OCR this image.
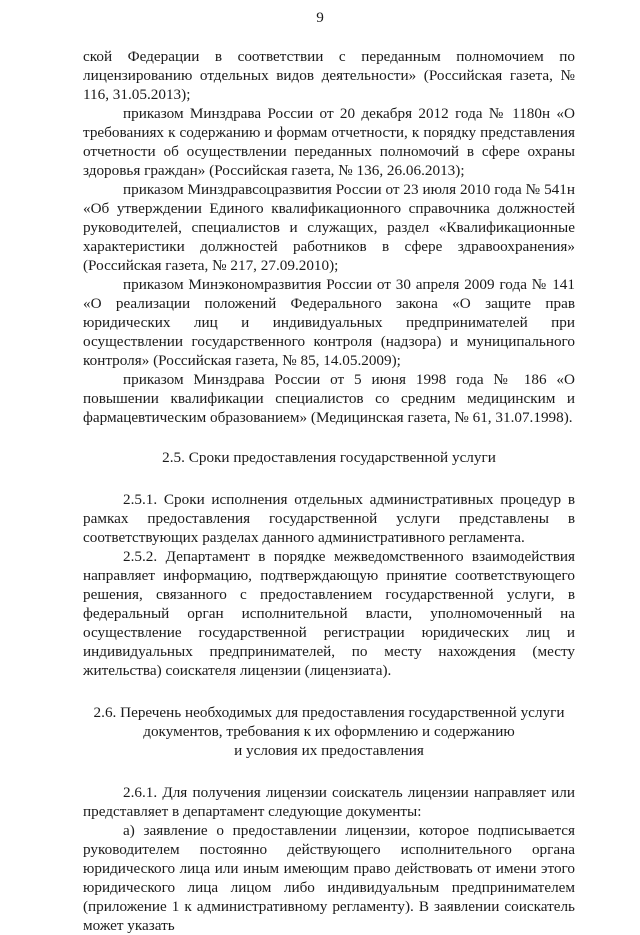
9

ской Федерации в соответствии с переданным полномочием по лицензированию отдельных видов деятельности» (Российская газета, № 116, 31.05.2013);

приказом Минздрава России от 20 декабря 2012 года № 1180н «О требованиях к содержанию и формам отчетности, к порядку представления отчетности об осуществлении переданных полномочий в сфере охраны здоровья граждан» (Российская газета, № 136, 26.06.2013);

приказом Минздравсоцразвития России от 23 июля 2010 года № 541н «Об утверждении Единого квалификационного справочника должностей руководителей, специалистов и служащих, раздел «Квалификационные характеристики должностей работников в сфере здравоохранения» (Российская газета, № 217, 27.09.2010);

приказом Минэкономразвития России от 30 апреля 2009 года № 141 «О реализации положений Федерального закона «О защите прав юридических лиц и индивидуальных предпринимателей при осуществлении государственного контроля (надзора) и муниципального контроля» (Российская газета, № 85, 14.05.2009);

приказом Минздрава России от 5 июня 1998 года № 186 «О повышении квалификации специалистов со средним медицинским и фармацевтическим образованием» (Медицинская газета, № 61, 31.07.1998).

2.5. Сроки предоставления государственной услуги

2.5.1. Сроки исполнения отдельных административных процедур в рамках предоставления государственной услуги представлены в соответствующих разделах данного административного регламента.

2.5.2. Департамент в порядке межведомственного взаимодействия направляет информацию, подтверждающую принятие соответствующего решения, связанного с предоставлением государственной услуги, в федеральный орган исполнительной власти, уполномоченный на осуществление государственной регистрации юридических лиц и индивидуальных предпринимателей, по месту нахождения (месту жительства) соискателя лицензии (лицензиата).

2.6. Перечень необходимых для предоставления государственной услуги

документов, требования к их оформлению и содержанию

и условия их предоставления

2.6.1. Для получения лицензии соискатель лицензии направляет или представляет в департамент следующие документы:

а) заявление о предоставлении лицензии, которое подписывается руководителем постоянно действующего исполнительного органа юридического лица или иным имеющим право действовать от имени этого юридического лица лицом либо индивидуальным предпринимателем (приложение 1 к административному регламенту). В заявлении соискатель может указать
